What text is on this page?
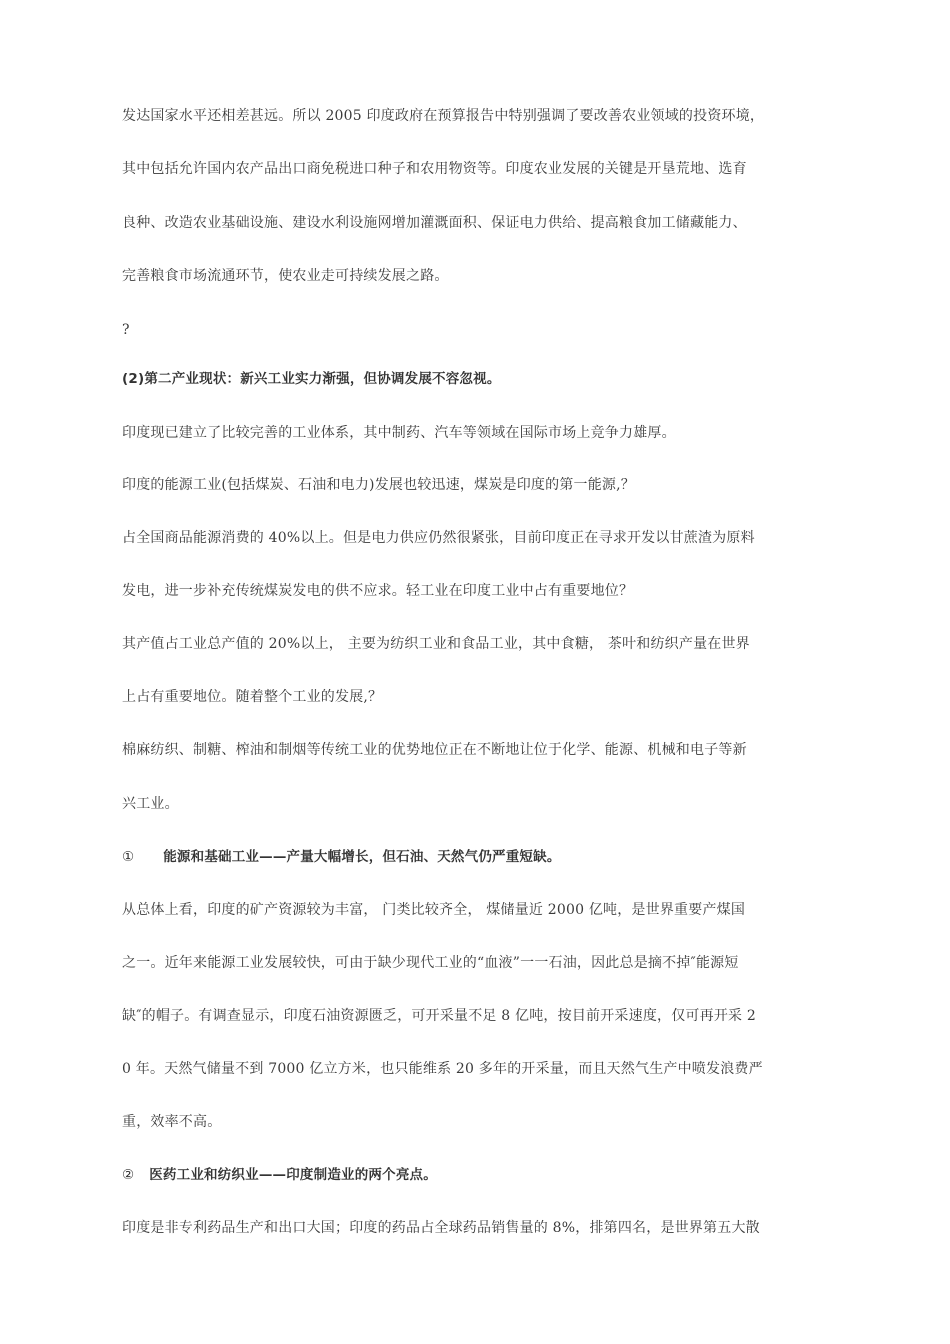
发达国家水平还相差甚远。所以 2005 印度政府在预算报告中特别强调了要改善农业领域的投资环境，
其中包括允许国内农产品出口商免税进口种子和农用物资等。印度农业发展的关键是开垦荒地、选育
良种、改造农业基础设施、建设水利设施网增加灌溉面积、保证电力供给、提高粮食加工储藏能力、
完善粮食市场流通环节，使农业走可持续发展之路。
?
(2)第二产业现状：新兴工业实力渐强，但协调发展不容忽视。
印度现已建立了比较完善的工业体系，其中制药、汽车等领域在国际市场上竞争力雄厚。
印度的能源工业(包括煤炭、石油和电力)发展也较迅速，煤炭是印度的第一能源,？
占全国商品能源消费的 40%以上。但是电力供应仍然很紧张，目前印度正在寻求开发以甘蔗渣为原料
发电，进一步补充传统煤炭发电的供不应求。轻工业在印度工业中占有重要地位？
其产值占工业总产值的 20%以上， 主要为纺织工业和食品工业，其中食糖， 茶叶和纺织产量在世界
上占有重要地位。随着整个工业的发展,？
棉麻纺织、制糖、榨油和制烟等传统工业的优势地位正在不断地让位于化学、能源、机械和电子等新
兴工业。
① 能源和基础工业——产量大幅增长，但石油、天然气仍严重短缺。
从总体上看，印度的矿产资源较为丰富， 门类比较齐全， 煤储量近 2000 亿吨，是世界重要产煤国
之一。近年来能源工业发展较快，可由于缺少现代工业的“血液”一一石油，因此总是摘不掉″能源短
缺″的帽子。有调查显示，印度石油资源匮乏，可开采量不足 8 亿吨，按目前开采速度，仅可再开采 2
0 年。天然气储量不到 7000 亿立方米，也只能维系 20 多年的开采量，而且天然气生产中喷发浪费严
重，效率不高。
② 医药工业和纺织业——印度制造业的两个亮点。
印度是非专利药品生产和出口大国；印度的药品占全球药品销售量的 8%，排第四名，是世界第五大散
